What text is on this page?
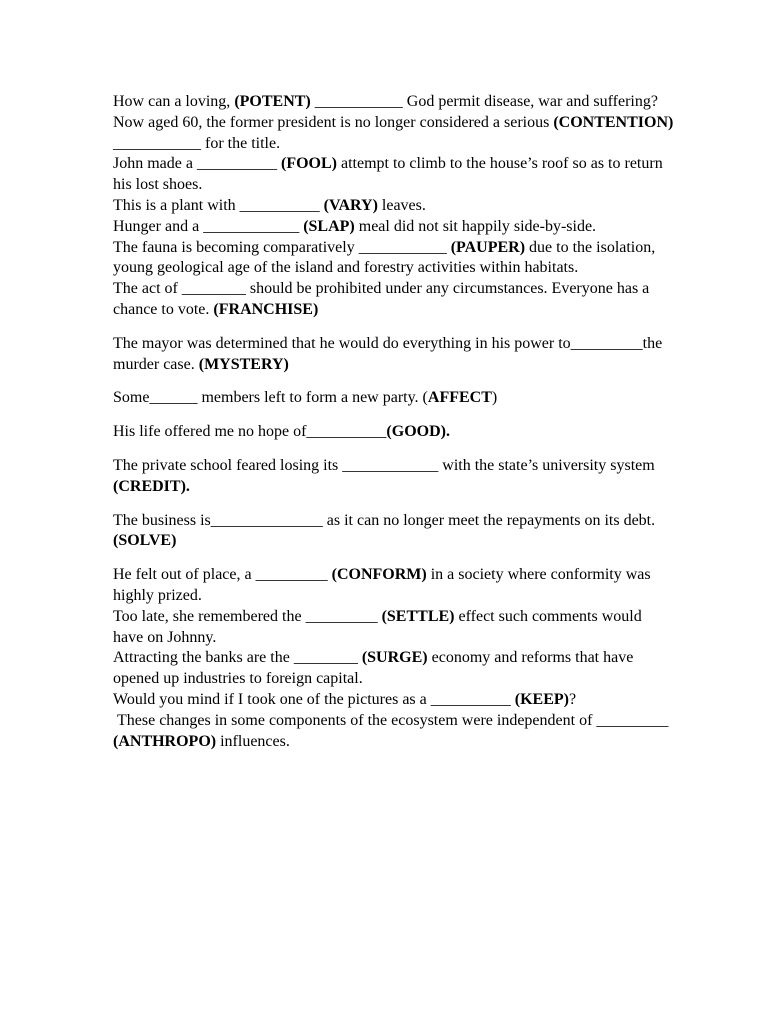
How can a loving, (POTENT) ___________ God permit disease, war and suffering?

Now aged 60, the former president is no longer considered a serious (CONTENTION) ___________ for the title.

John made a __________ (FOOL) attempt to climb to the house’s roof so as to return his lost shoes.

This is a plant with __________ (VARY) leaves.

Hunger and a ____________ (SLAP) meal did not sit happily side-by-side.

The fauna is becoming comparatively ___________ (PAUPER) due to the isolation, young geological age of the island and forestry activities within habitats.

The act of ________ should be prohibited under any circumstances. Everyone has a chance to vote. (FRANCHISE)

The mayor was determined that he would do everything in his power to_________the murder case. (MYSTERY)

Some______ members left to form a new party. (AFFECT)

His life offered me no hope of__________(GOOD).

The private school feared losing its ____________ with the state’s university system (CREDIT).

The business is______________ as it can no longer meet the repayments on its debt. (SOLVE)

He felt out of place, a _________ (CONFORM) in a society where conformity was highly prized.

Too late, she remembered the _________ (SETTLE) effect such comments would have on Johnny.

Attracting the banks are the ________ (SURGE) economy and reforms that have opened up industries to foreign capital.

Would you mind if I took one of the pictures as a __________ (KEEP)?

These changes in some components of the ecosystem were independent of _________ (ANTHROPO) influences.
